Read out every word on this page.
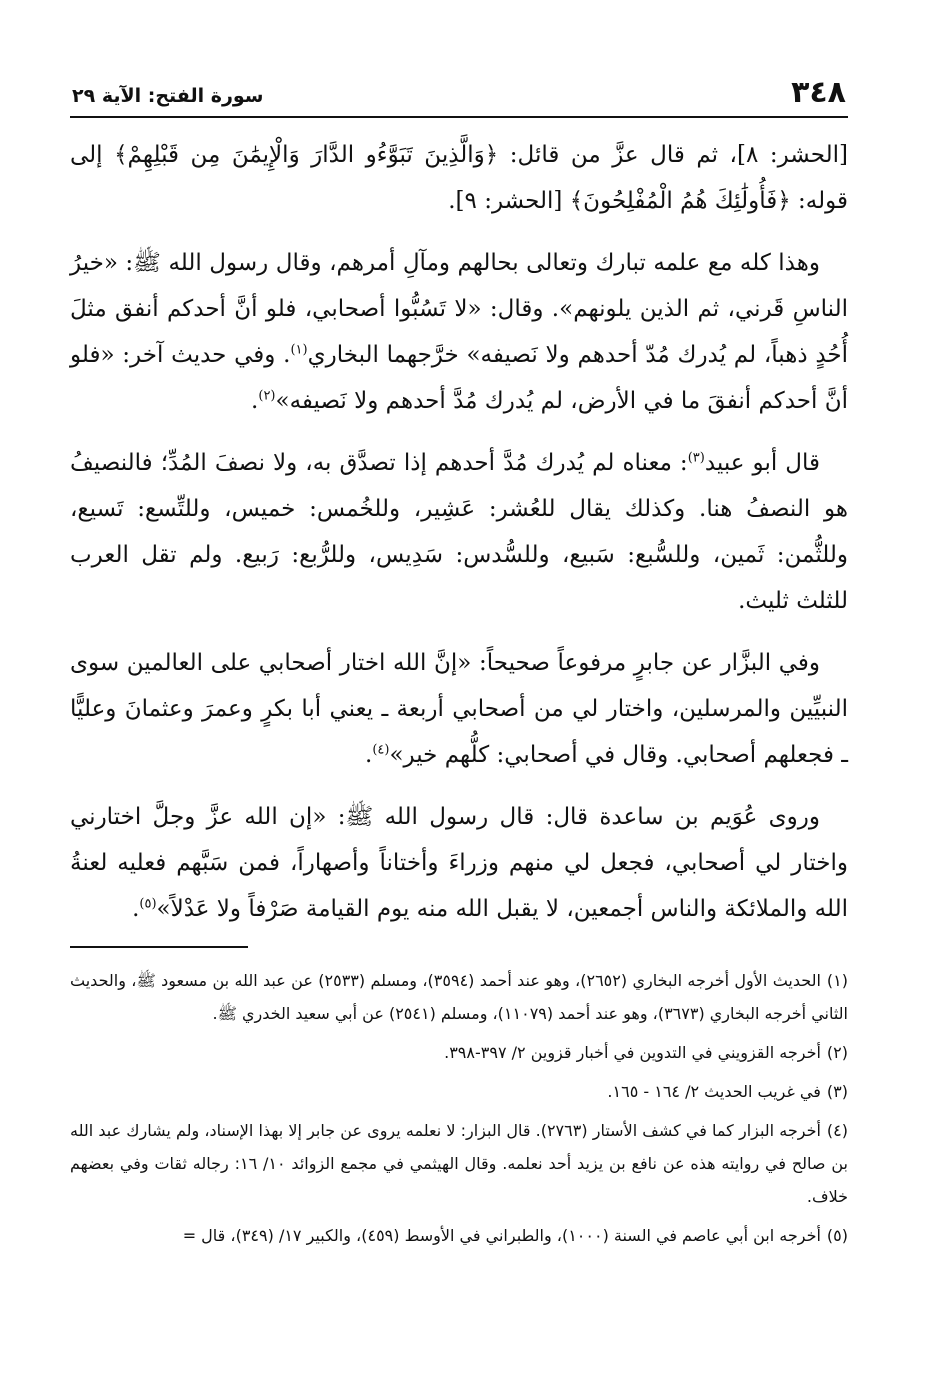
٣٤٨
سورة الفتح: الآية ٢٩

[الحشر: ٨]، ثم قال عزَّ من قائل: ﴿وَالَّذِينَ تَبَوَّءُو الدَّارَ وَالْإِيمَٰنَ مِن قَبْلِهِمْ﴾ إلى قوله: ﴿فَأُولَٰئِكَ هُمُ الْمُفْلِحُونَ﴾ [الحشر: ٩].

وهذا كله مع علمه تبارك وتعالى بحالهم ومآلِ أمرهم، وقال رسول الله ﷺ: «خيرُ الناسِ قَرني، ثم الذين يلونهم». وقال: «لا تَسُبُّوا أصحابي، فلو أنَّ أحدكم أنفق مثلَ أُحُدٍ ذهباً، لم يُدرك مُدّ أحدهم ولا نَصيفه» خرَّجهما البخاري$^{(١)}$. وفي حديث آخر: «فلو أنَّ أحدكم أنفقَ ما في الأرض، لم يُدرك مُدَّ أحدهم ولا نَصيفه»$^{(٢)}$.

قال أبو عبيد$^{(٣)}$: معناه لم يُدرك مُدَّ أحدهم إذا تصدَّق به، ولا نصفَ المُدِّ؛ فالنصيفُ هو النصفُ هنا. وكذلك يقال للعُشر: عَشِير، وللخُمس: خميس، وللتِّسع: تَسيع، وللثُّمن: ثَمين، وللسُّبع: سَبيع، وللسُّدس: سَدِيس، وللرُّبع: رَبيع. ولم تقل العرب للثلث ثليث.

وفي البزَّار عن جابرٍ مرفوعاً صحيحاً: «إنَّ الله اختار أصحابي على العالمين سوى النبيِّين والمرسلين، واختار لي من أصحابي أربعة ـ يعني أبا بكرٍ وعمرَ وعثمانَ وعليًّا ـ فجعلهم أصحابي. وقال في أصحابي: كلُّهم خير»$^{(٤)}$.

وروى عُوَيم بن ساعدة قال: قال رسول الله ﷺ: «إن الله عزَّ وجلَّ اختارني واختار لي أصحابي، فجعل لي منهم وزراءَ وأختاناً وأصهاراً، فمن سَبَّهم فعليه لعنةُ الله والملائكة والناس أجمعين، لا يقبل الله منه يوم القيامة صَرْفاً ولا عَدْلاً»$^{(٥)}$.

(١)الحديث الأول أخرجه البخاري (٢٦٥٢)، وهو عند أحمد (٣٥٩٤)، ومسلم (٢٥٣٣) عن عبد الله بن مسعود ﷺ، والحديث الثاني أخرجه البخاري (٣٦٧٣)، وهو عند أحمد (١١٠٧٩)، ومسلم (٢٥٤١) عن أبي سعيد الخدري ﷺ.

(٢)أخرجه القزويني في التدوين في أخبار قزوين ٢/ ٣٩٧-٣٩٨.

(٣)في غريب الحديث ٢/ ١٦٤ - ١٦٥.

(٤)أخرجه البزار كما في كشف الأستار (٢٧٦٣). قال البزار: لا نعلمه يروى عن جابر إلا بهذا الإسناد، ولم يشارك عبد الله بن صالح في روايته هذه عن نافع بن يزيد أحد نعلمه. وقال الهيثمي في مجمع الزوائد ١٠/ ١٦: رجاله ثقات وفي بعضهم خلاف.

(٥)أخرجه ابن أبي عاصم في السنة (١٠٠٠)، والطبراني في الأوسط (٤٥٩)، والكبير ١٧/ (٣٤٩)، قال =
